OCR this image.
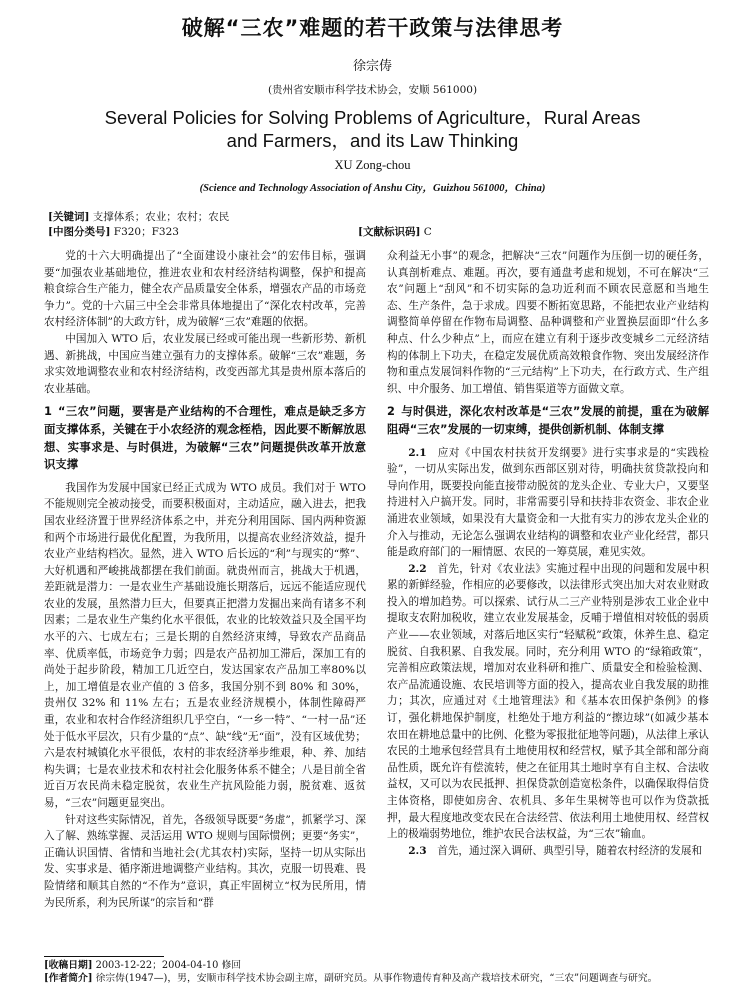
破解“三农”难题的若干政策与法律思考
徐宗俦
(贵州省安顺市科学技术协会，安顺 561000)
Several Policies for Solving Problems of Agriculture，Rural Areas
and Farmers，and its Law Thinking
XU Zong-chou
(Science and Technology Association of Anshu City，Guizhou 561000，China)
[关键词] 支撑体系；农业；农村；农民
[中图分类号] F320；F323	[文献标识码] C

党的十六大明确提出了“全面建设小康社会”的宏伟目标，强调要“加强农业基础地位，推进农业和农村经济结构调整，保护和提高粮食综合生产能力，健全农产品质量安全体系，增强农产品的市场竞争力”。党的十六届三中全会非常具体地提出了“深化农村改革，完善农村经济体制”的大政方针，成为破解“三农”难题的依据。

中国加入 WTO 后，农业发展已经或可能出现一些新形势、新机遇、新挑战，中国应当建立强有力的支撑体系。破解“三农”难题，务求实效地调整农业和农村经济结构，改变西部尤其是贵州原本落后的农业基础。

1 “三农”问题，要害是产业结构的不合理性，难点是缺乏多方面支撑体系，关键在于小农经济的观念桎梏，因此要不断解放思想、实事求是、与时俱进，为破解“三农”问题提供改革开放意识支撑

我国作为发展中国家已经正式成为 WTO 成员。我们对于 WTO 不能规则完全被动接受，而要积极面对，主动适应，融入进去，把我国农业经济置于世界经济体系之中，并充分利用国际、国内两种资源和两个市场进行最优化配置，为我所用，以提高农业经济效益，提升农业产业结构档次。显然，进入 WTO 后长远的“利”与现实的“弊”、大好机遇和严峻挑战都摆在我们前面。就贵州而言，挑战大于机遇，差距就是潜力：一是农业生产基础设施长期落后，远远不能适应现代农业的发展，虽然潜力巨大，但要真正把潜力发掘出来尚有诸多不利因素；二是农业生产集约化水平很低，农业的比较效益只及全国平均水平的六、七成左右；三是长期的自然经济束缚，导致农产品商品率、优质率低，市场竞争力弱；四是农产品初加工滞后，深加工有的尚处于起步阶段，精加工几近空白，发达国家农产品加工率80%以上，加工增值是农业产值的 3 倍多，我国分别不到 80% 和 30%，贵州仅 32% 和 11% 左右；五是农业经济规模小，体制性障碍严重，农业和农村合作经济组织几乎空白，“一乡一特”、“一村一品”还处于低水平层次，只有少量的“点”、缺“线”无“面”，没有区域优势；六是农村城镇化水平很低，农村的非农经济举步维艰，种、养、加结构失调；七是农业技术和农村社会化服务体系不健全；八是目前全省近百万农民尚未稳定脱贫，农业生产抗风险能力弱，脱贫难、返贫易，“三农”问题更显突出。

针对这些实际情况，首先，各级领导既要“务虚”，抓紧学习、深入了解、熟练掌握、灵活运用 WTO 规则与国际惯例；更要“务实”，正确认识国情、省情和当地社会(尤其农村)实际，坚持一切从实际出发、实事求是、循序渐进地调整产业结构。其次，克服一切畏难、畏险情绪和顺其自然的“不作为”意识，真正牢固树立“权为民所用，情为民所系，利为民所谋”的宗旨和“群

众利益无小事”的观念，把解决“三农”问题作为压倒一切的硬任务，认真剖析难点、难题。再次，要有通盘考虑和规划，不可在解决“三农”问题上“刮风”和不切实际的急功近利而不顾农民意愿和当地生态、生产条件，急于求成。四要不断拓宽思路，不能把农业产业结构调整简单停留在作物布局调整、品种调整和产业置换层面即“什么多种点、什么少种点”上，而应在建立有利于逐步改变城乡二元经济结构的体制上下功夫，在稳定发展优质高效粮食作物、突出发展经济作物和重点发展饲料作物的“三元结构”上下功夫，在行政方式、生产组织、中介服务、加工增值、销售渠道等方面做文章。

2 与时俱进，深化农村改革是“三农”发展的前提，重在为破解阻碍“三农”发展的一切束缚，提供创新机制、体制支撑

2.1  应对《中国农村扶贫开发纲要》进行实事求是的“实践检验”，一切从实际出发，做到东西部区别对待，明确扶贫贷款投向和导向作用，既要投向能直接带动脱贫的龙头企业、专业大户，又要坚持进村入户搞开发。同时，非常需要引导和扶持非农资金、非农企业涌进农业领域，如果没有大量资金和一大批有实力的涉农龙头企业的介入与推动，无论怎么强调农业结构的调整和农业产业化经营，都只能是政府部门的一厢情愿、农民的一筹莫展，难见实效。

2.2  首先，针对《农业法》实施过程中出现的问题和发展中积累的新鲜经验，作相应的必要修改，以法律形式突出加大对农业财政投入的增加趋势。可以探索、试行从二三产业特别是涉农工业企业中提取支农附加税收，建立农业发展基金，反哺于增值相对较低的弱质产业——农业领域，对落后地区实行“轻赋税”政策，休养生息、稳定脱贫、自我积累、自我发展。同时，充分利用 WTO 的“绿箱政策”，完善相应政策法规，增加对农业科研和推广、质量安全和检验检测、农产品流通设施、农民培训等方面的投入，提高农业自我发展的助推力；其次，应通过对《土地管理法》和《基本农田保护条例》的修订，强化耕地保护制度，杜绝处于地方利益的“擦边球”(如减少基本农田在耕地总量中的比例、化整为零报批征地等问题)，从法律上承认农民的土地承包经营具有土地使用权和经营权，赋予其全部和部分商品性质，既允许有偿流转，使之在征用其土地时享有自主权、合法收益权，又可以为农民抵押、担保贷款创造宽松条件，以确保取得信贷主体资格，即使如房舍、农机具、多年生果树等也可以作为贷款抵押，最大程度地改变农民在合法经营、依法利用土地使用权、经营权上的极端弱势地位，维护农民合法权益，为“三农”输血。

2.3  首先，通过深入调研、典型引导，随着农村经济的发展和

[收稿日期] 2003-12-22；2004-04-10 修回
[作者简介] 徐宗俦(1947—)，男，安顺市科学技术协会副主席，副研究员。从事作物遗传育种及高产栽培技术研究，“三农”问题调查与研究。
